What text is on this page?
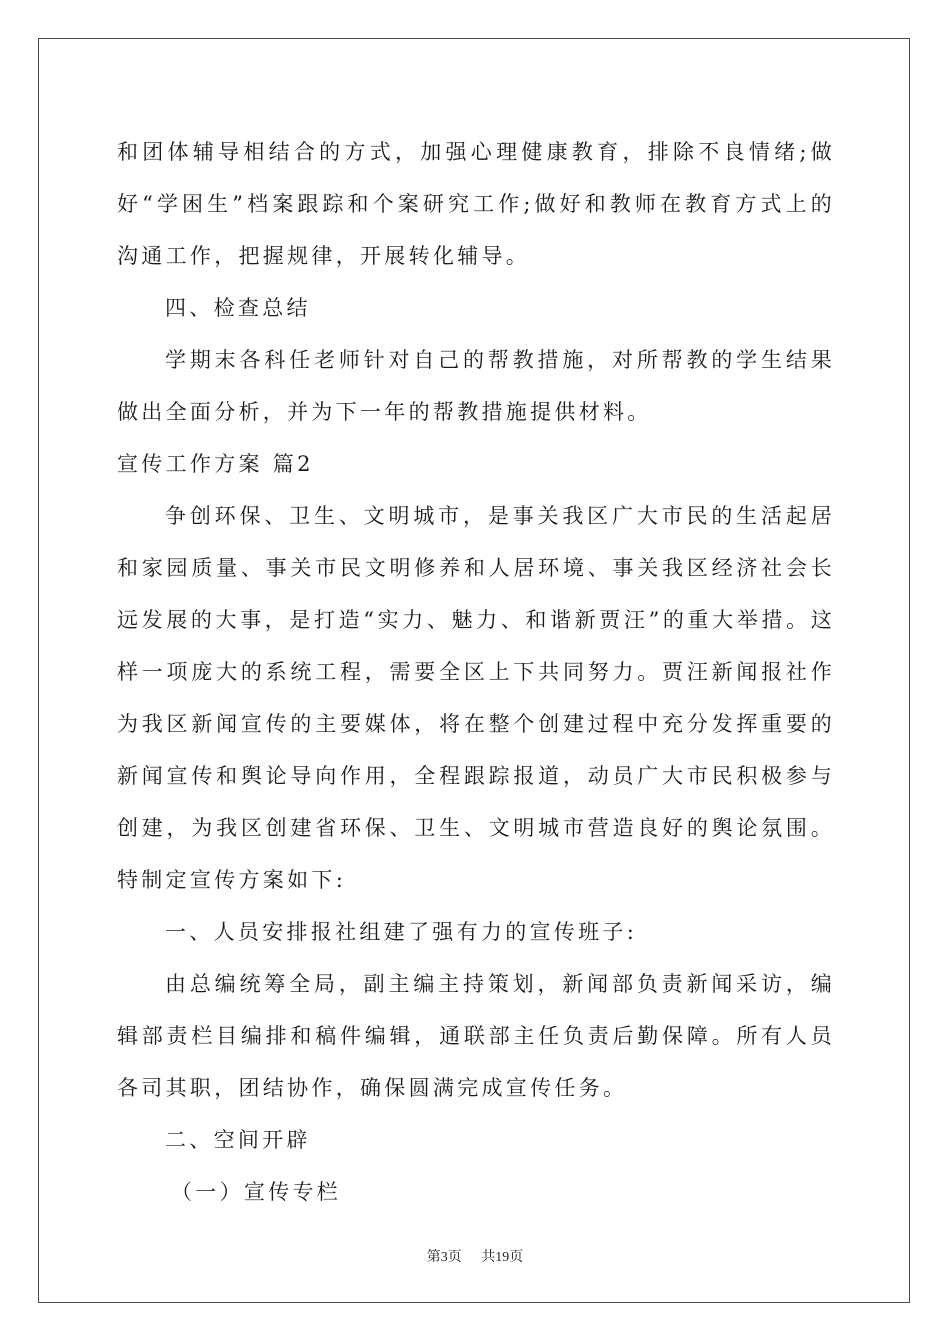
和团体辅导相结合的方式，加强心理健康教育，排除不良情绪;做好“学困生”档案跟踪和个案研究工作;做好和教师在教育方式上的沟通工作，把握规律，开展转化辅导。

四、检查总结

学期末各科任老师针对自己的帮教措施，对所帮教的学生结果做出全面分析，并为下一年的帮教措施提供材料。

宣传工作方案 篇2

争创环保、卫生、文明城市，是事关我区广大市民的生活起居和家园质量、事关市民文明修养和人居环境、事关我区经济社会长远发展的大事，是打造“实力、魅力、和谐新贾汪”的重大举措。这样一项庞大的系统工程，需要全区上下共同努力。贾汪新闻报社作为我区新闻宣传的主要媒体，将在整个创建过程中充分发挥重要的新闻宣传和舆论导向作用，全程跟踪报道，动员广大市民积极参与创建，为我区创建省环保、卫生、文明城市营造良好的舆论氛围。特制定宣传方案如下:

一、人员安排报社组建了强有力的宣传班子:

由总编统筹全局，副主编主持策划，新闻部负责新闻采访，编辑部责栏目编排和稿件编辑，通联部主任负责后勤保障。所有人员各司其职，团结协作，确保圆满完成宣传任务。

二、空间开辟

（一）宣传专栏

第3页 共19页
